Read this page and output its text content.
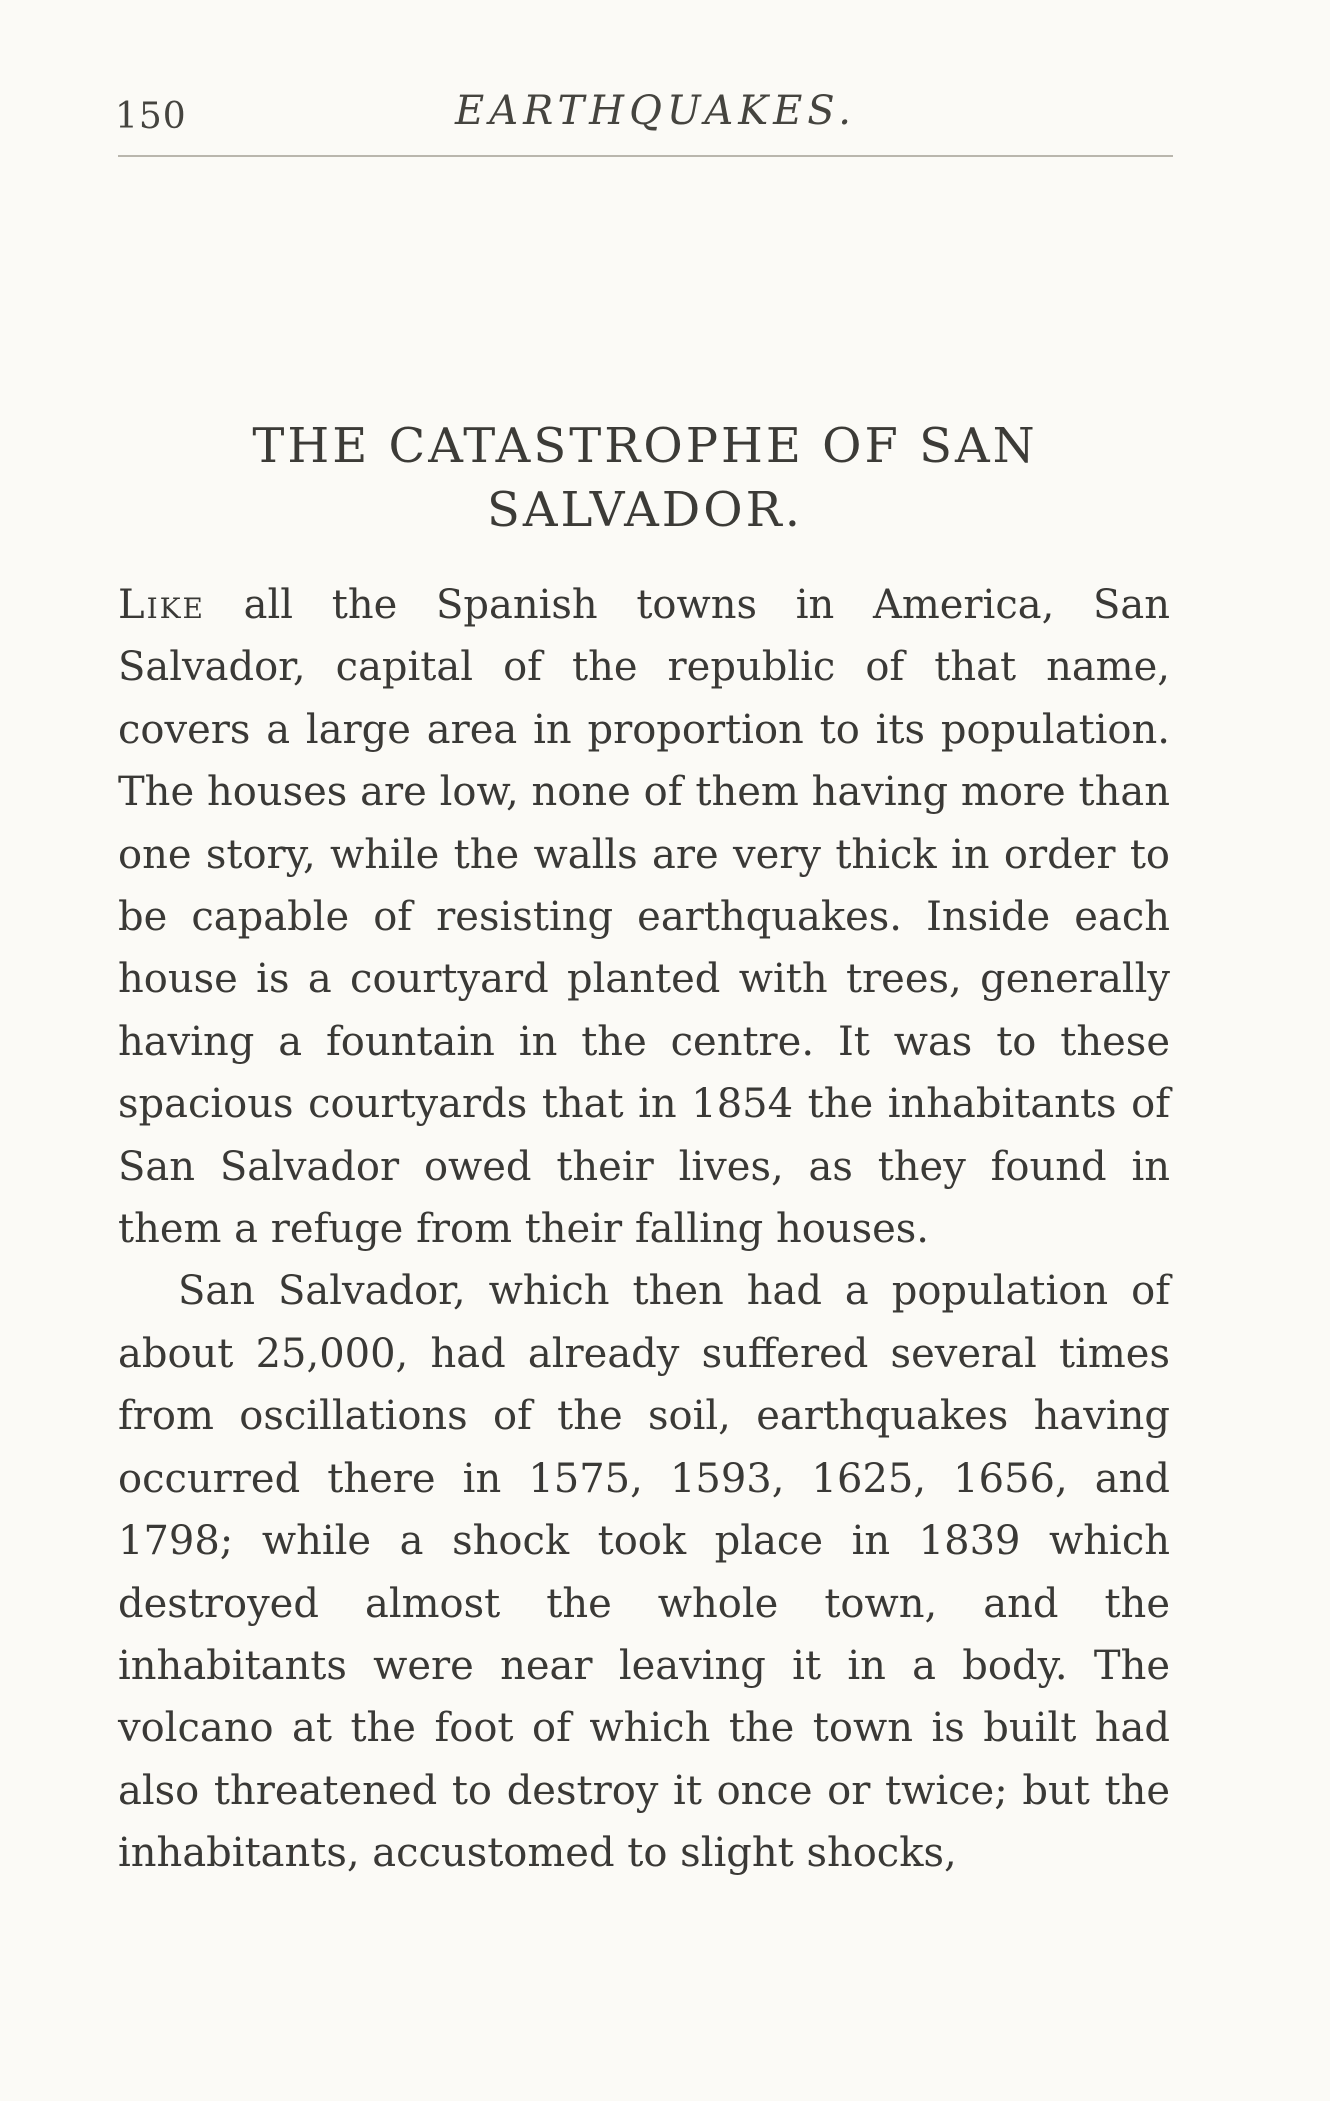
150	EARTHQUAKES.
THE CATASTROPHE OF SAN SALVADOR.

Like all the Spanish towns in America, San Salvador, capital of the republic of that name, covers a large area in proportion to its population. The houses are low, none of them having more than one story, while the walls are very thick in order to be capable of resisting earthquakes. Inside each house is a courtyard planted with trees, generally having a fountain in the centre. It was to these spacious courtyards that in 1854 the inhabitants of San Salvador owed their lives, as they found in them a refuge from their falling houses.

San Salvador, which then had a population of about 25,000, had already suffered several times from oscillations of the soil, earthquakes having occurred there in 1575, 1593, 1625, 1656, and 1798; while a shock took place in 1839 which destroyed almost the whole town, and the inhabitants were near leaving it in a body. The volcano at the foot of which the town is built had also threatened to destroy it once or twice; but the inhabitants, accustomed to slight shocks,
